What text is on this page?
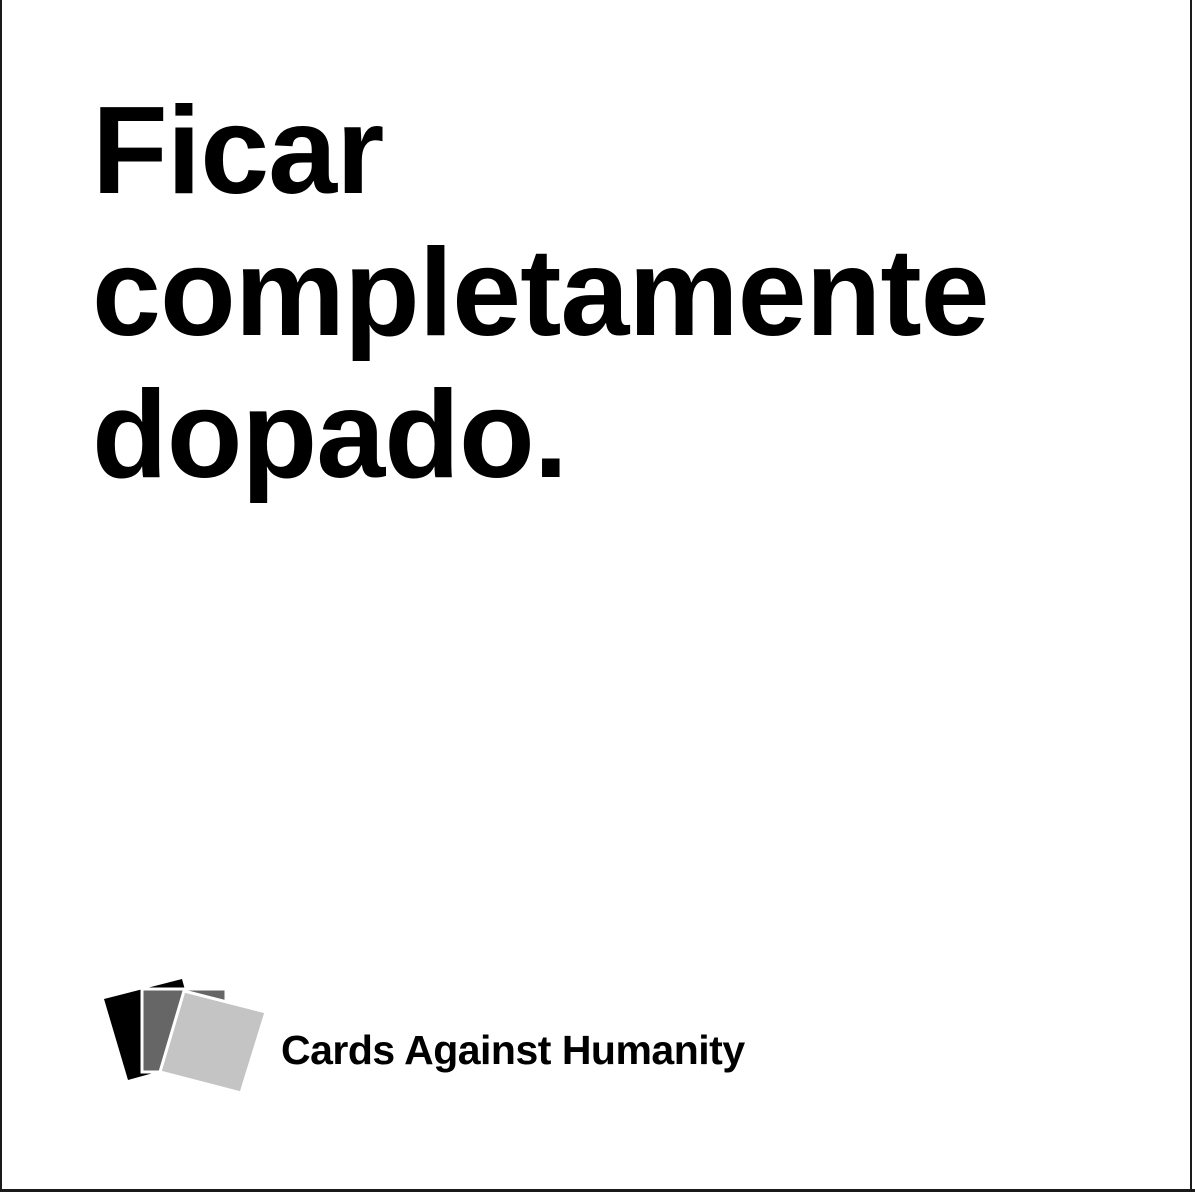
Ficar
completamente
dopado.

Cards Against Humanity
